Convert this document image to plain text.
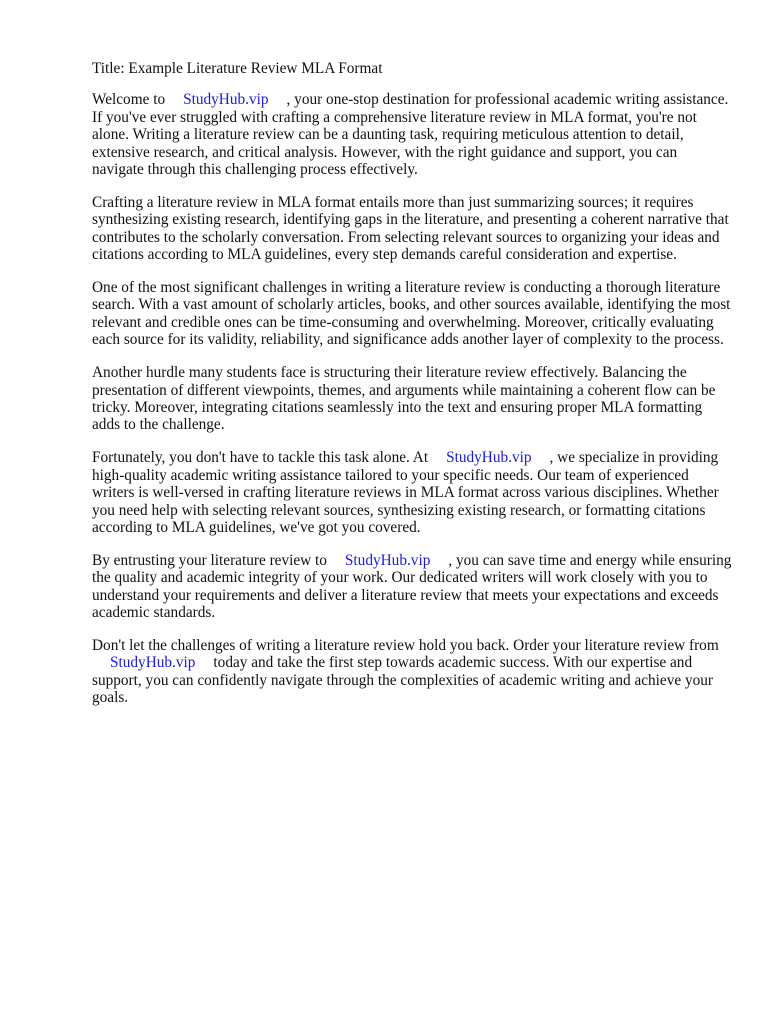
Title: Example Literature Review MLA Format

Welcome to StudyHub.vip , your one-stop destination for professional academic writing assistance. If you've ever struggled with crafting a comprehensive literature review in MLA format, you're not alone. Writing a literature review can be a daunting task, requiring meticulous attention to detail, extensive research, and critical analysis. However, with the right guidance and support, you can navigate through this challenging process effectively.

Crafting a literature review in MLA format entails more than just summarizing sources; it requires synthesizing existing research, identifying gaps in the literature, and presenting a coherent narrative that contributes to the scholarly conversation. From selecting relevant sources to organizing your ideas and citations according to MLA guidelines, every step demands careful consideration and expertise.

One of the most significant challenges in writing a literature review is conducting a thorough literature search. With a vast amount of scholarly articles, books, and other sources available, identifying the most relevant and credible ones can be time-consuming and overwhelming. Moreover, critically evaluating each source for its validity, reliability, and significance adds another layer of complexity to the process.

Another hurdle many students face is structuring their literature review effectively. Balancing the presentation of different viewpoints, themes, and arguments while maintaining a coherent flow can be tricky. Moreover, integrating citations seamlessly into the text and ensuring proper MLA formatting adds to the challenge.

Fortunately, you don't have to tackle this task alone. At StudyHub.vip , we specialize in providing high-quality academic writing assistance tailored to your specific needs. Our team of experienced writers is well-versed in crafting literature reviews in MLA format across various disciplines. Whether you need help with selecting relevant sources, synthesizing existing research, or formatting citations according to MLA guidelines, we've got you covered.

By entrusting your literature review to StudyHub.vip , you can save time and energy while ensuring the quality and academic integrity of your work. Our dedicated writers will work closely with you to understand your requirements and deliver a literature review that meets your expectations and exceeds academic standards.

Don't let the challenges of writing a literature review hold you back. Order your literature review fromStudyHub.vip today and take the first step towards academic success. With our expertise and support, you can confidently navigate through the complexities of academic writing and achieve your goals.
